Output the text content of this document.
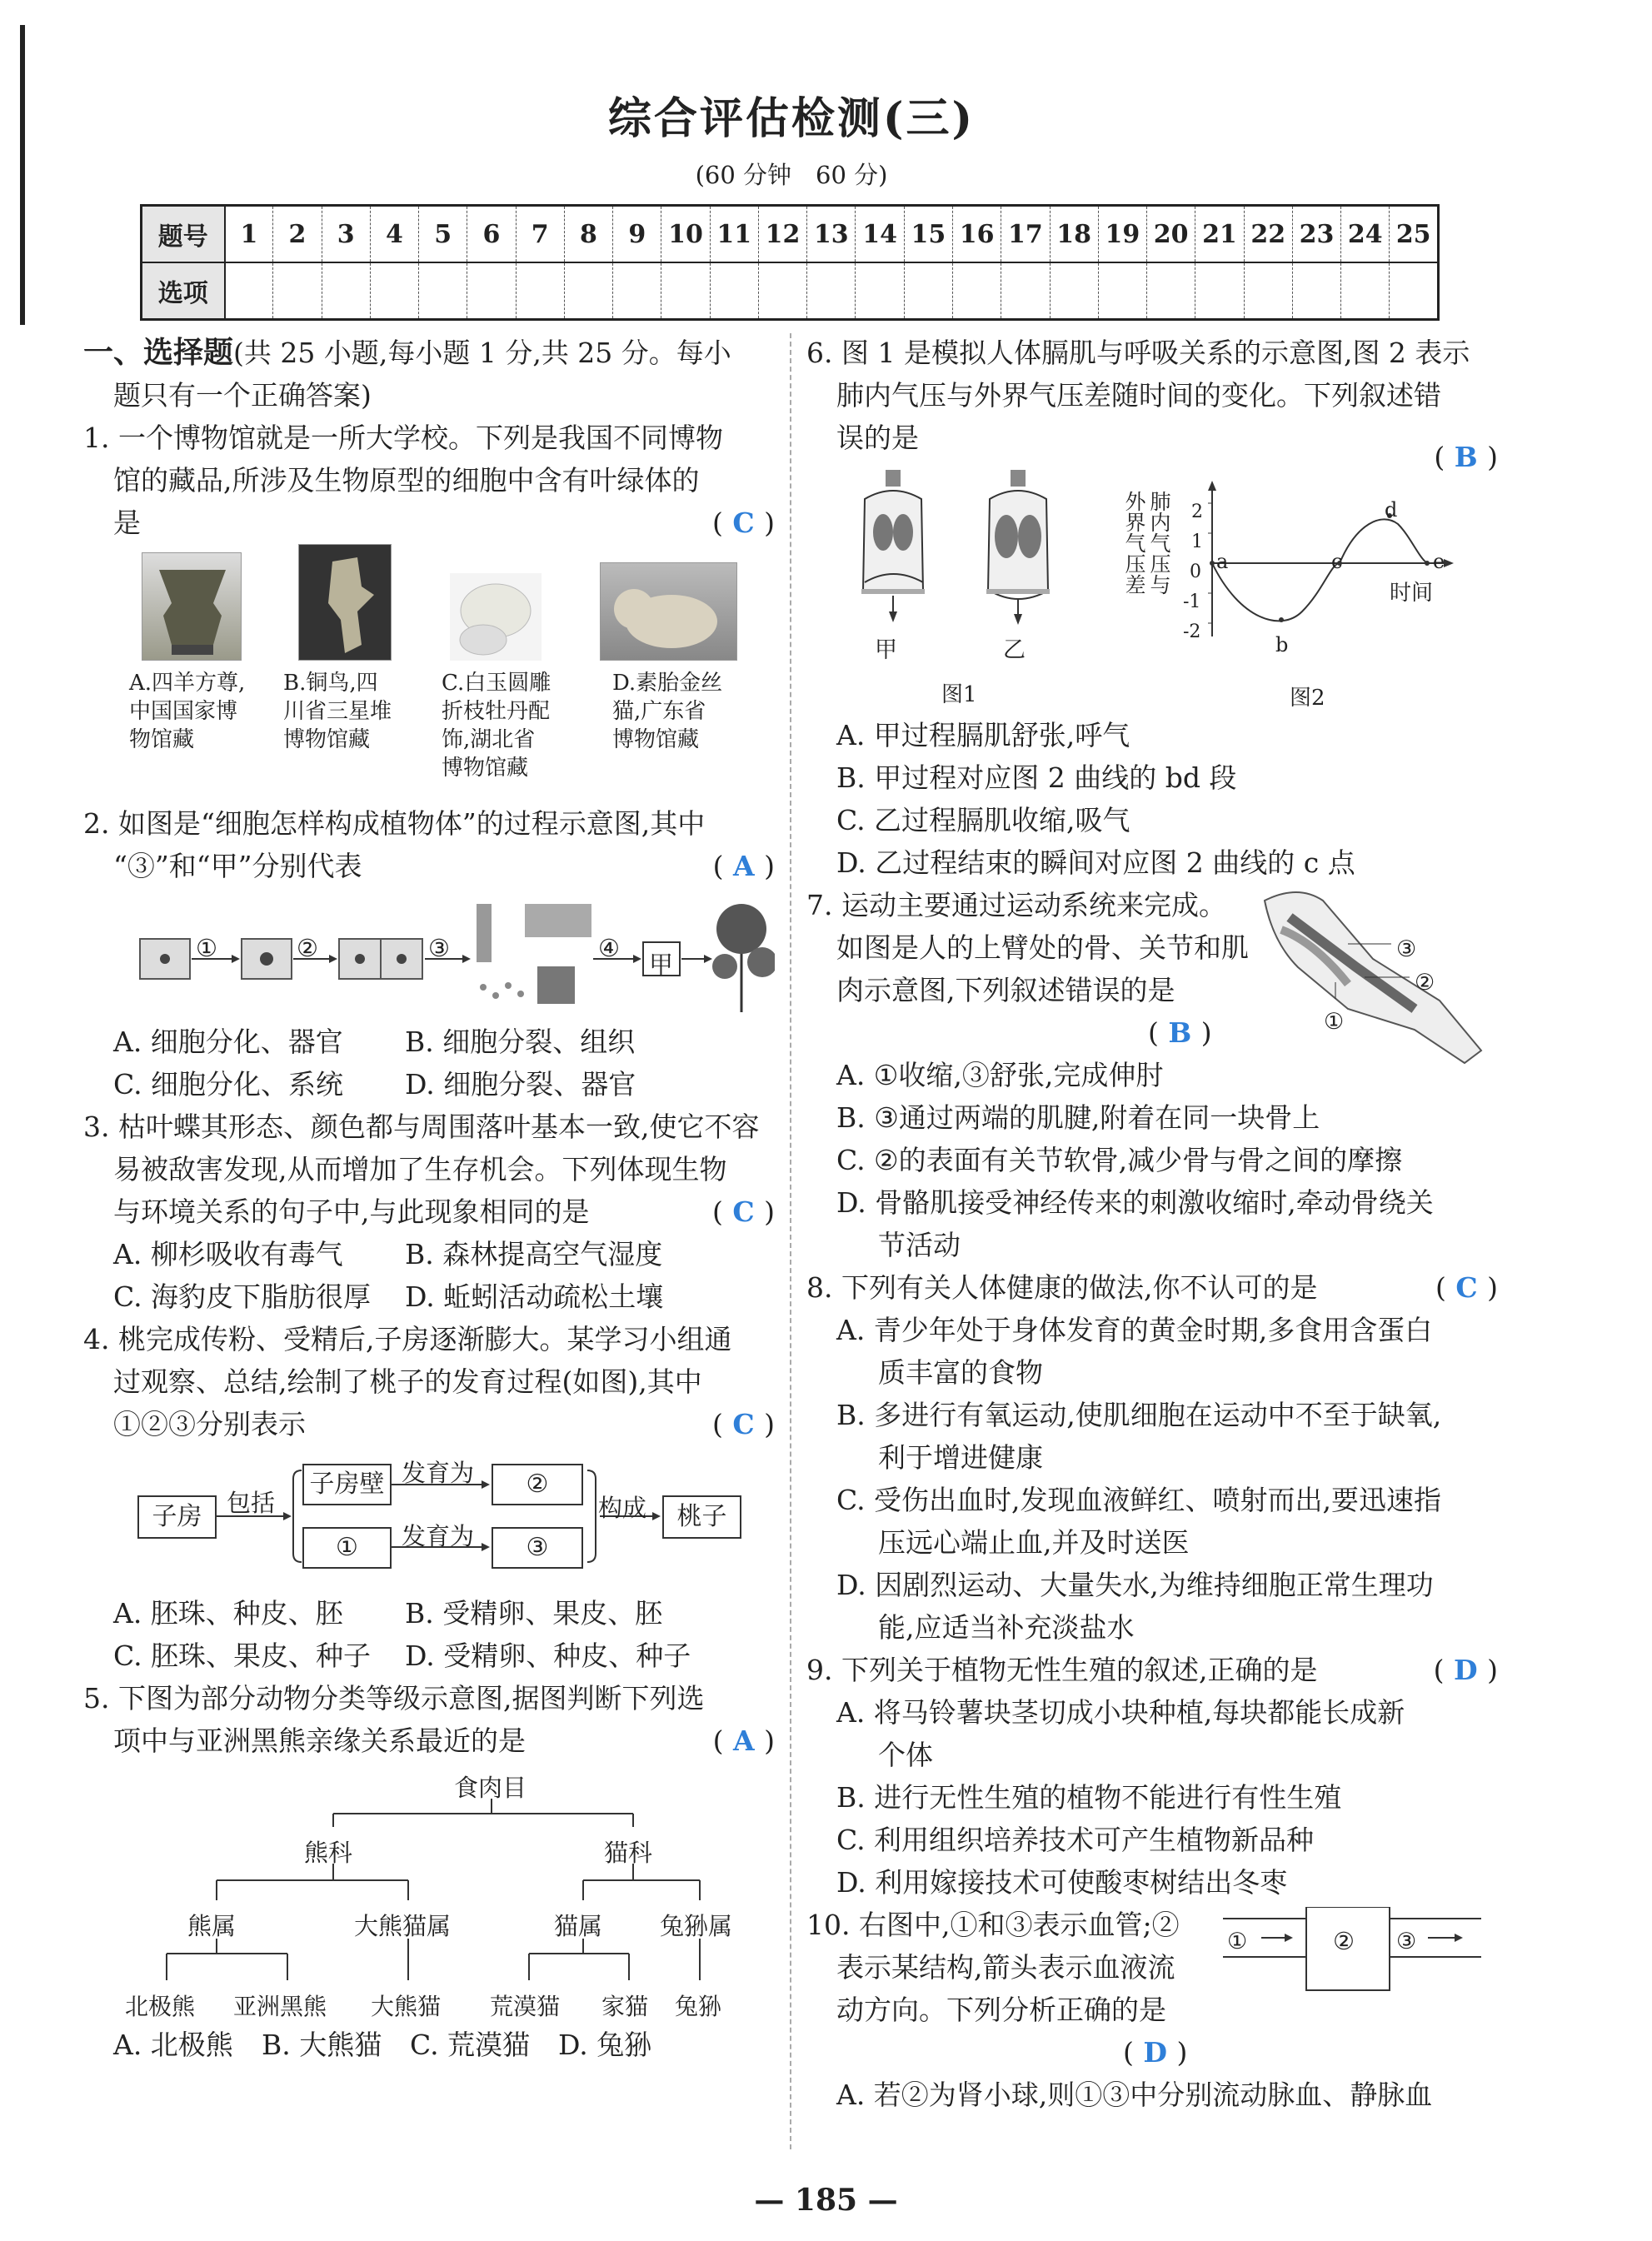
综合评估检测(三)
(60 分钟　60 分)
题号	1	2	3	4	5	6	7	8	9	10	11	12	13	14	15	16	17	18	19	20	21	22	23	24	25
选项																									
一、选择题(共 25 小题,每小题 1 分,共 25 分。每小
题只有一个正确答案)
1. 一个博物馆就是一所大学校。下列是我国不同博物
馆的藏品,所涉及生物原型的细胞中含有叶绿体的
是	( C )
A.四羊方尊,
中国国家博
物馆藏
B.铜鸟,四
川省三星堆
博物馆藏
C.白玉圆雕
折枝牡丹配
饰,湖北省
博物馆藏
D.素胎金丝
猫,广东省
博物馆藏
2. 如图是“细胞怎样构成植物体”的过程示意图,其中
“③”和“甲”分别代表	( A )
①	②	③	④
甲
A. 细胞分化、器官	B. 细胞分裂、组织
C. 细胞分化、系统	D. 细胞分裂、器官
3. 枯叶蝶其形态、颜色都与周围落叶基本一致,使它不容
易被敌害发现,从而增加了生存机会。下列体现生物
与环境关系的句子中,与此现象相同的是	( C )
A. 柳杉吸收有毒气	B. 森林提高空气湿度
C. 海豹皮下脂肪很厚	D. 蚯蚓活动疏松土壤
4. 桃完成传粉、受精后,子房逐渐膨大。某学习小组通
过观察、总结,绘制了桃子的发育过程(如图),其中
①②③分别表示	( C )
子房	包括
子房壁 发育为	②
①	发育为	③
构成	桃子
A. 胚珠、种皮、胚	B. 受精卵、果皮、胚
C. 胚珠、果皮、种子	D. 受精卵、种皮、种子
5. 下图为部分动物分类等级示意图,据图判断下列选
项中与亚洲黑熊亲缘关系最近的是	( A )
食肉目
熊科	猫科
熊属	大熊猫属	猫属 兔狲属
北极熊 亚洲黑熊 大熊猫 荒漠猫 家猫 兔狲
A. 北极熊	B. 大熊猫	C. 荒漠猫	D. 兔狲
6. 图 1 是模拟人体膈肌与呼吸关系的示意图,图 2 表示
肺内气压与外界气压差随时间的变化。下列叙述错
误的是
( B )
甲	乙
图1	图2
肺内气压与
外界气压差	时间
2
1
0
-1
-2
a
b
c
d
e
A. 甲过程膈肌舒张,呼气
B. 甲过程对应图 2 曲线的 bd 段
C. 乙过程膈肌收缩,吸气
D. 乙过程结束的瞬间对应图 2 曲线的 c 点
③
②
①
7. 运动主要通过运动系统来完成。
如图是人的上臂处的骨、关节和肌
肉示意图,下列叙述错误的是
( B )
A. ①收缩,③舒张,完成伸肘
B. ③通过两端的肌腱,附着在同一块骨上
C. ②的表面有关节软骨,减少骨与骨之间的摩擦
D. 骨骼肌接受神经传来的刺激收缩时,牵动骨绕关
节活动
8. 下列有关人体健康的做法,你不认可的是	( C )
A. 青少年处于身体发育的黄金时期,多食用含蛋白
质丰富的食物
B. 多进行有氧运动,使肌细胞在运动中不至于缺氧,
利于增进健康
C. 受伤出血时,发现血液鲜红、喷射而出,要迅速指
压远心端止血,并及时送医
D. 因剧烈运动、大量失水,为维持细胞正常生理功
能,应适当补充淡盐水
9. 下列关于植物无性生殖的叙述,正确的是	( D )
A. 将马铃薯块茎切成小块种植,每块都能长成新
个体
B. 进行无性生殖的植物不能进行有性生殖
C. 利用组织培养技术可产生植物新品种
D. 利用嫁接技术可使酸枣树结出冬枣
①	② ③
10. 右图中,①和③表示血管;②
表示某结构,箭头表示血液流
动方向。下列分析正确的是
( D )
A. 若②为肾小球,则①③中分别流动脉血、静脉血
— 185 —
